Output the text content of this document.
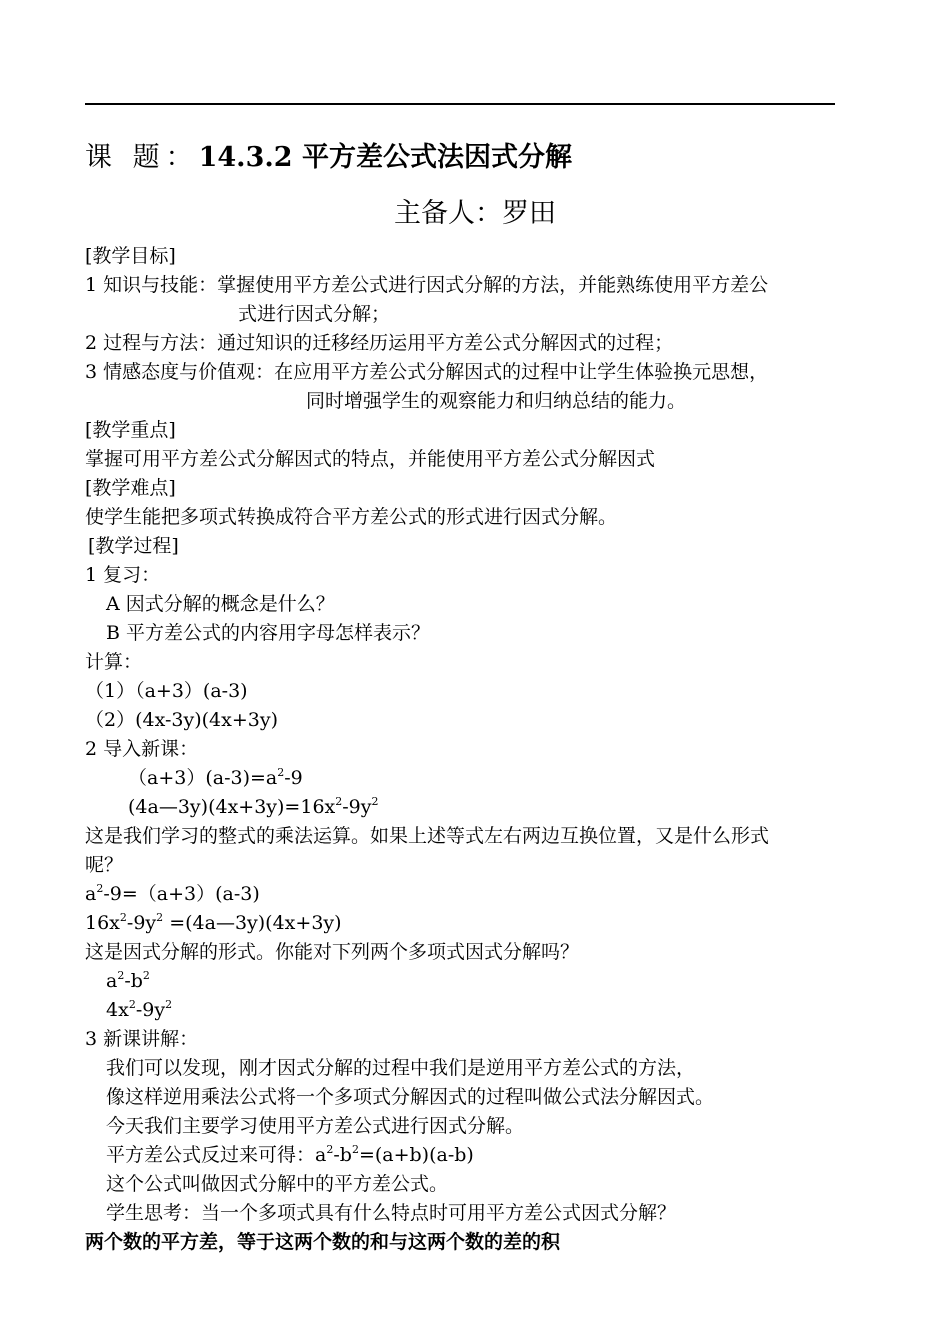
课 题：14.3.2 平方差公式法因式分解
主备人：罗田
[教学目标]
1 知识与技能：掌握使用平方差公式进行因式分解的方法，并能熟练使用平方差公
式进行因式分解；
2 过程与方法：通过知识的迁移经历运用平方差公式分解因式的过程；
3 情感态度与价值观：在应用平方差公式分解因式的过程中让学生体验换元思想，
同时增强学生的观察能力和归纳总结的能力。
[教学重点]
掌握可用平方差公式分解因式的特点，并能使用平方差公式分解因式
[教学难点]
使学生能把多项式转换成符合平方差公式的形式进行因式分解。
[教学过程]
1 复习：
A 因式分解的概念是什么？
B 平方差公式的内容用字母怎样表示？
计算：
（1）（a+3）(a-3)
（2）(4x-3y)(4x+3y)
2 导入新课：
$(a+3)(a-3)=a^2-9$
$(4a—3y)(4x+3y)=16x^2-9y^2$
这是我们学习的整式的乘法运算。如果上述等式左右两边互换位置，又是什么形式
呢？
$a^2-9=(a+3)(a-3)$
$16x^2-9y^2$ =(4a—3y)(4x+3y)
这是因式分解的形式。你能对下列两个多项式因式分解吗？
$a^2-b^2$
$4x^2-9y^2$
3 新课讲解：
我们可以发现，刚才因式分解的过程中我们是逆用平方差公式的方法，
像这样逆用乘法公式将一个多项式分解因式的过程叫做公式法分解因式。
今天我们主要学习使用平方差公式进行因式分解。
平方差公式反过来可得：$a^2-b^2=(a+b)(a-b)$
这个公式叫做因式分解中的平方差公式。
学生思考：当一个多项式具有什么特点时可用平方差公式因式分解？
两个数的平方差，等于这两个数的和与这两个数的差的积
